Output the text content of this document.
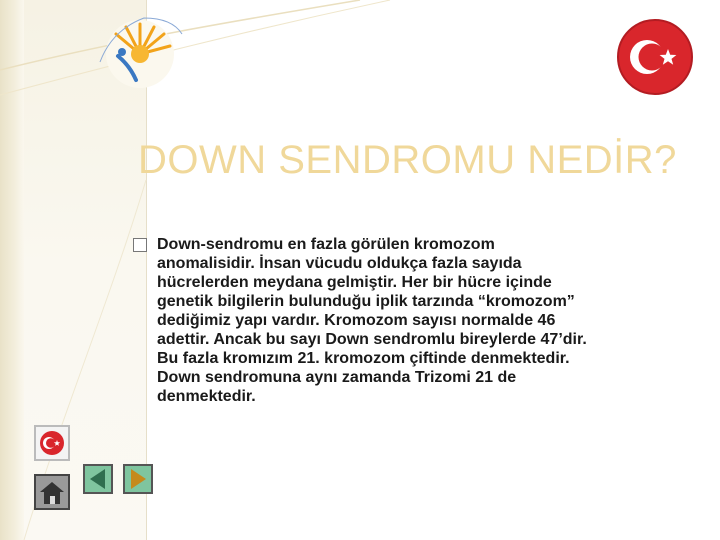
DOWN SENDROMU NEDİR?
Down-sendromu en fazla görülen kromozom
anomalisidir. İnsan vücudu oldukça fazla sayıda
hücrelerden meydana gelmiştir. Her bir hücre içinde
genetik bilgilerin bulunduğu iplik tarzında “kromozom”
dediğimiz yapı vardır. Kromozom sayısı normalde 46
adettir. Ancak bu sayı Down sendromlu bireylerde 47’dir.
Bu fazla kromızım 21. kromozom çiftinde denmektedir.
Down sendromuna aynı zamanda Trizomi 21 de
denmektedir.
